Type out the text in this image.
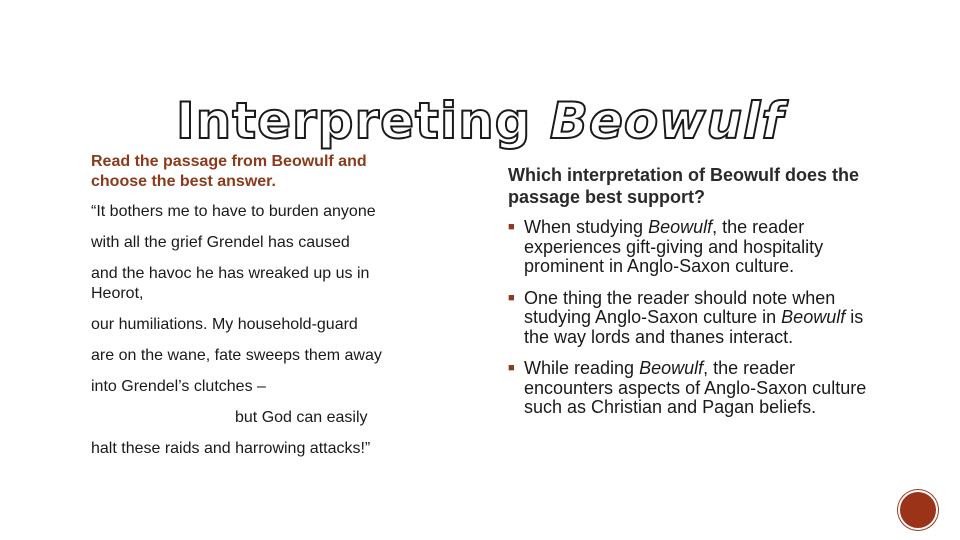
Interpreting Beowulf

Read the passage from Beowulf and choose the best answer.

“It bothers me to have to burden anyone

with all the grief Grendel has caused

and the havoc he has wreaked up us in Heorot,

our humiliations. My household-guard

are on the wane, fate sweeps them away

into Grendel’s clutches –

but God can easily

halt these raids and harrowing attacks!”

Which interpretation of Beowulf does the passage best support?

■ When studying Beowulf, the reader experiences gift-giving and hospitality prominent in Anglo-Saxon culture.
■ One thing the reader should note when studying Anglo-Saxon culture in Beowulf is the way lords and thanes interact.
■ While reading Beowulf, the reader encounters aspects of Anglo-Saxon culture such as Christian and Pagan beliefs.
